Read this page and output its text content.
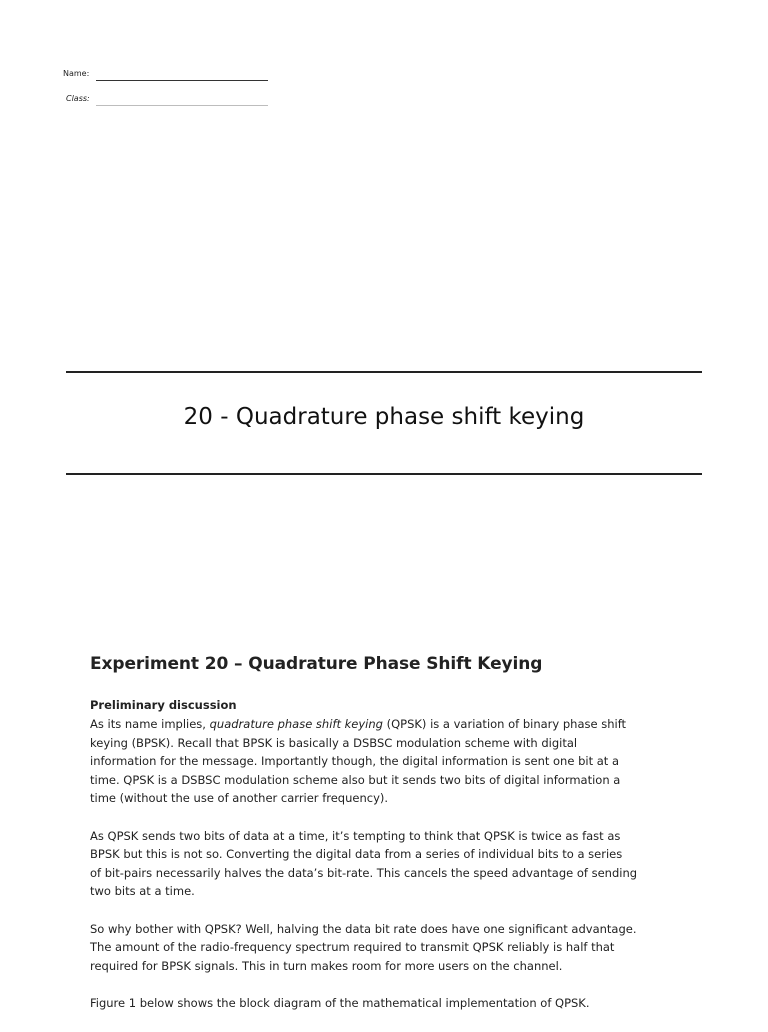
Name:
Class:
20 - Quadrature phase shift keying
Experiment 20 – Quadrature Phase Shift Keying
Preliminary discussion

As its name implies, quadrature phase shift keying (QPSK) is a variation of binary phase shift
keying (BPSK). Recall that BPSK is basically a DSBSC modulation scheme with digital
information for the message. Importantly though, the digital information is sent one bit at a
time. QPSK is a DSBSC modulation scheme also but it sends two bits of digital information a
time (without the use of another carrier frequency).

As QPSK sends two bits of data at a time, it’s tempting to think that QPSK is twice as fast as
BPSK but this is not so. Converting the digital data from a series of individual bits to a series
of bit-pairs necessarily halves the data’s bit-rate. This cancels the speed advantage of sending
two bits at a time.

So why bother with QPSK? Well, halving the data bit rate does have one significant advantage.
The amount of the radio-frequency spectrum required to transmit QPSK reliably is half that
required for BPSK signals. This in turn makes room for more users on the channel.

Figure 1 below shows the block diagram of the mathematical implementation of QPSK.
